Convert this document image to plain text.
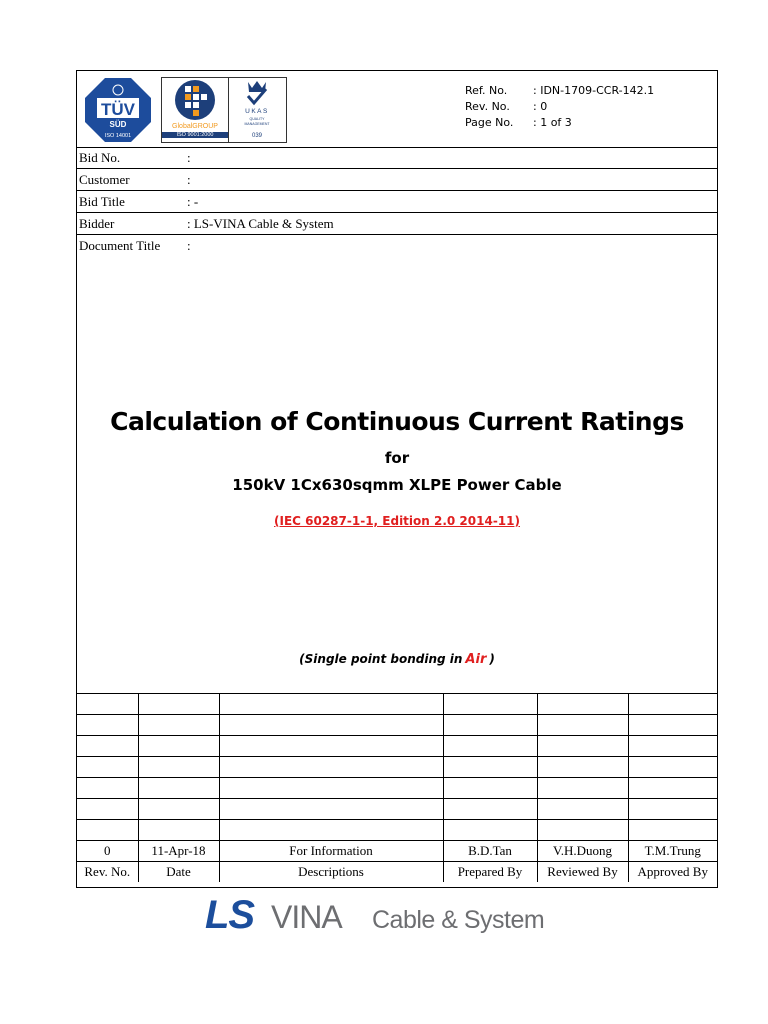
TÜV
SÜD
ISO 14001
GlobalGROUP
ISO 9001:2000
UKAS
QUALITY
MANAGEMENT
039
Ref. No. : IDN-1709-CCR-142.1
Rev. No. : 0
Page No. : 1 of 3
Bid No.	:
Customer	:
Bid Title	: -
Bidder	: LS-VINA Cable & System
Document Title :
Calculation of Continuous Current Ratings
for
150kV 1Cx630sqmm XLPE Power Cable
(IEC 60287-1-1, Edition 2.0 2014-11)
(Single point bonding in Air )

0	11-Apr-18	For Information	B.D.Tan	V.H.Duong	T.M.Trung
Rev. No.	Date	Descriptions	Prepared By	Reviewed By	Approved By
LS VINA Cable & System
